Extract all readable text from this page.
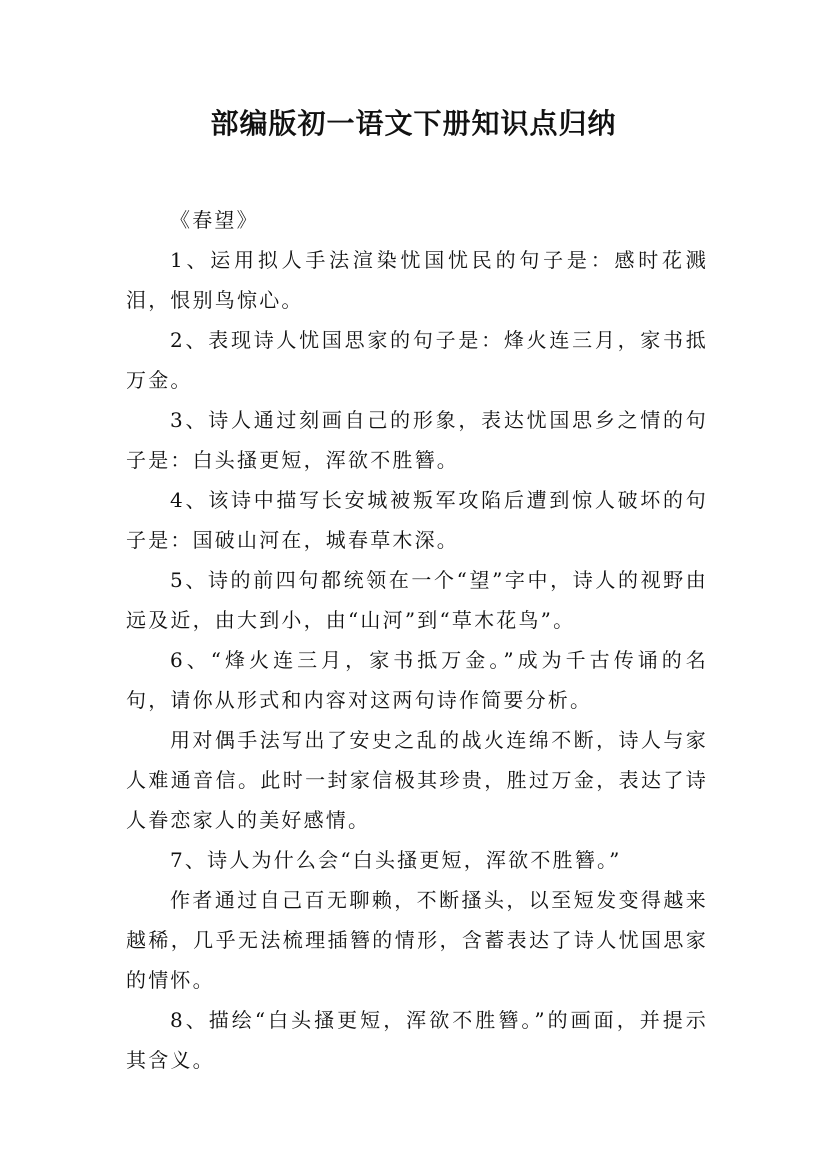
部编版初一语文下册知识点归纳

《春望》

1、运用拟人手法渲染忧国忧民的句子是：感时花溅泪，恨别鸟惊心。

2、表现诗人忧国思家的句子是：烽火连三月，家书抵万金。

3、诗人通过刻画自己的形象，表达忧国思乡之情的句子是：白头搔更短，浑欲不胜簪。

4、该诗中描写长安城被叛军攻陷后遭到惊人破坏的句子是：国破山河在，城春草木深。

5、诗的前四句都统领在一个“望”字中，诗人的视野由远及近，由大到小，由“山河”到“草木花鸟”。

6、“烽火连三月，家书抵万金。”成为千古传诵的名句，请你从形式和内容对这两句诗作简要分析。

用对偶手法写出了安史之乱的战火连绵不断，诗人与家人难通音信。此时一封家信极其珍贵，胜过万金，表达了诗人眷恋家人的美好感情。

7、诗人为什么会“白头搔更短，浑欲不胜簪。”

作者通过自己百无聊赖，不断搔头，以至短发变得越来越稀，几乎无法梳理插簪的情形，含蓄表达了诗人忧国思家的情怀。

8、描绘“白头搔更短，浑欲不胜簪。”的画面，并提示其含义。
